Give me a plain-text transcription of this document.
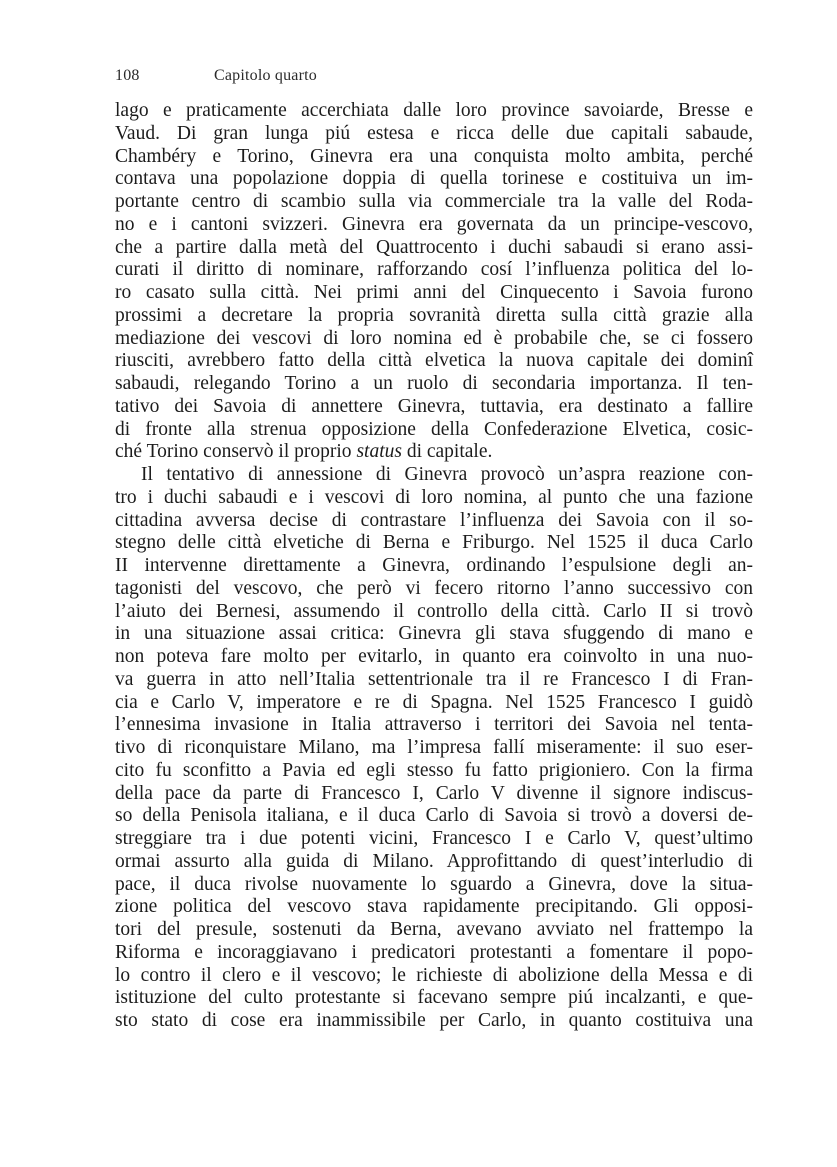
108	Capitolo quarto

lago e praticamente accerchiata dalle loro province savoiarde, Bresse e
Vaud. Di gran lunga piú estesa e ricca delle due capitali sabaude,
Chambéry e Torino, Ginevra era una conquista molto ambita, perché
contava una popolazione doppia di quella torinese e costituiva un im-
portante centro di scambio sulla via commerciale tra la valle del Roda-
no e i cantoni svizzeri. Ginevra era governata da un principe-vescovo,
che a partire dalla metà del Quattrocento i duchi sabaudi si erano assi-
curati il diritto di nominare, rafforzando cosí l’influenza politica del lo-
ro casato sulla città. Nei primi anni del Cinquecento i Savoia furono
prossimi a decretare la propria sovranità diretta sulla città grazie alla
mediazione dei vescovi di loro nomina ed è probabile che, se ci fossero
riusciti, avrebbero fatto della città elvetica la nuova capitale dei dominî
sabaudi, relegando Torino a un ruolo di secondaria importanza. Il ten-
tativo dei Savoia di annettere Ginevra, tuttavia, era destinato a fallire
di fronte alla strenua opposizione della Confederazione Elvetica, cosic-
ché Torino conservò il proprio status di capitale.

Il tentativo di annessione di Ginevra provocò un’aspra reazione con-
tro i duchi sabaudi e i vescovi di loro nomina, al punto che una fazione
cittadina avversa decise di contrastare l’influenza dei Savoia con il so-
stegno delle città elvetiche di Berna e Friburgo. Nel 1525 il duca Carlo
II intervenne direttamente a Ginevra, ordinando l’espulsione degli an-
tagonisti del vescovo, che però vi fecero ritorno l’anno successivo con
l’aiuto dei Bernesi, assumendo il controllo della città. Carlo II si trovò
in una situazione assai critica: Ginevra gli stava sfuggendo di mano e
non poteva fare molto per evitarlo, in quanto era coinvolto in una nuo-
va guerra in atto nell’Italia settentrionale tra il re Francesco I di Fran-
cia e Carlo V, imperatore e re di Spagna. Nel 1525 Francesco I guidò
l’ennesima invasione in Italia attraverso i territori dei Savoia nel tenta-
tivo di riconquistare Milano, ma l’impresa fallí miseramente: il suo eser-
cito fu sconfitto a Pavia ed egli stesso fu fatto prigioniero. Con la firma
della pace da parte di Francesco I, Carlo V divenne il signore indiscus-
so della Penisola italiana, e il duca Carlo di Savoia si trovò a doversi de-
streggiare tra i due potenti vicini, Francesco I e Carlo V, quest’ultimo
ormai assurto alla guida di Milano. Approfittando di quest’interludio di
pace, il duca rivolse nuovamente lo sguardo a Ginevra, dove la situa-
zione politica del vescovo stava rapidamente precipitando. Gli opposi-
tori del presule, sostenuti da Berna, avevano avviato nel frattempo la
Riforma e incoraggiavano i predicatori protestanti a fomentare il popo-
lo contro il clero e il vescovo; le richieste di abolizione della Messa e di
istituzione del culto protestante si facevano sempre piú incalzanti, e que-
sto stato di cose era inammissibile per Carlo, in quanto costituiva una
